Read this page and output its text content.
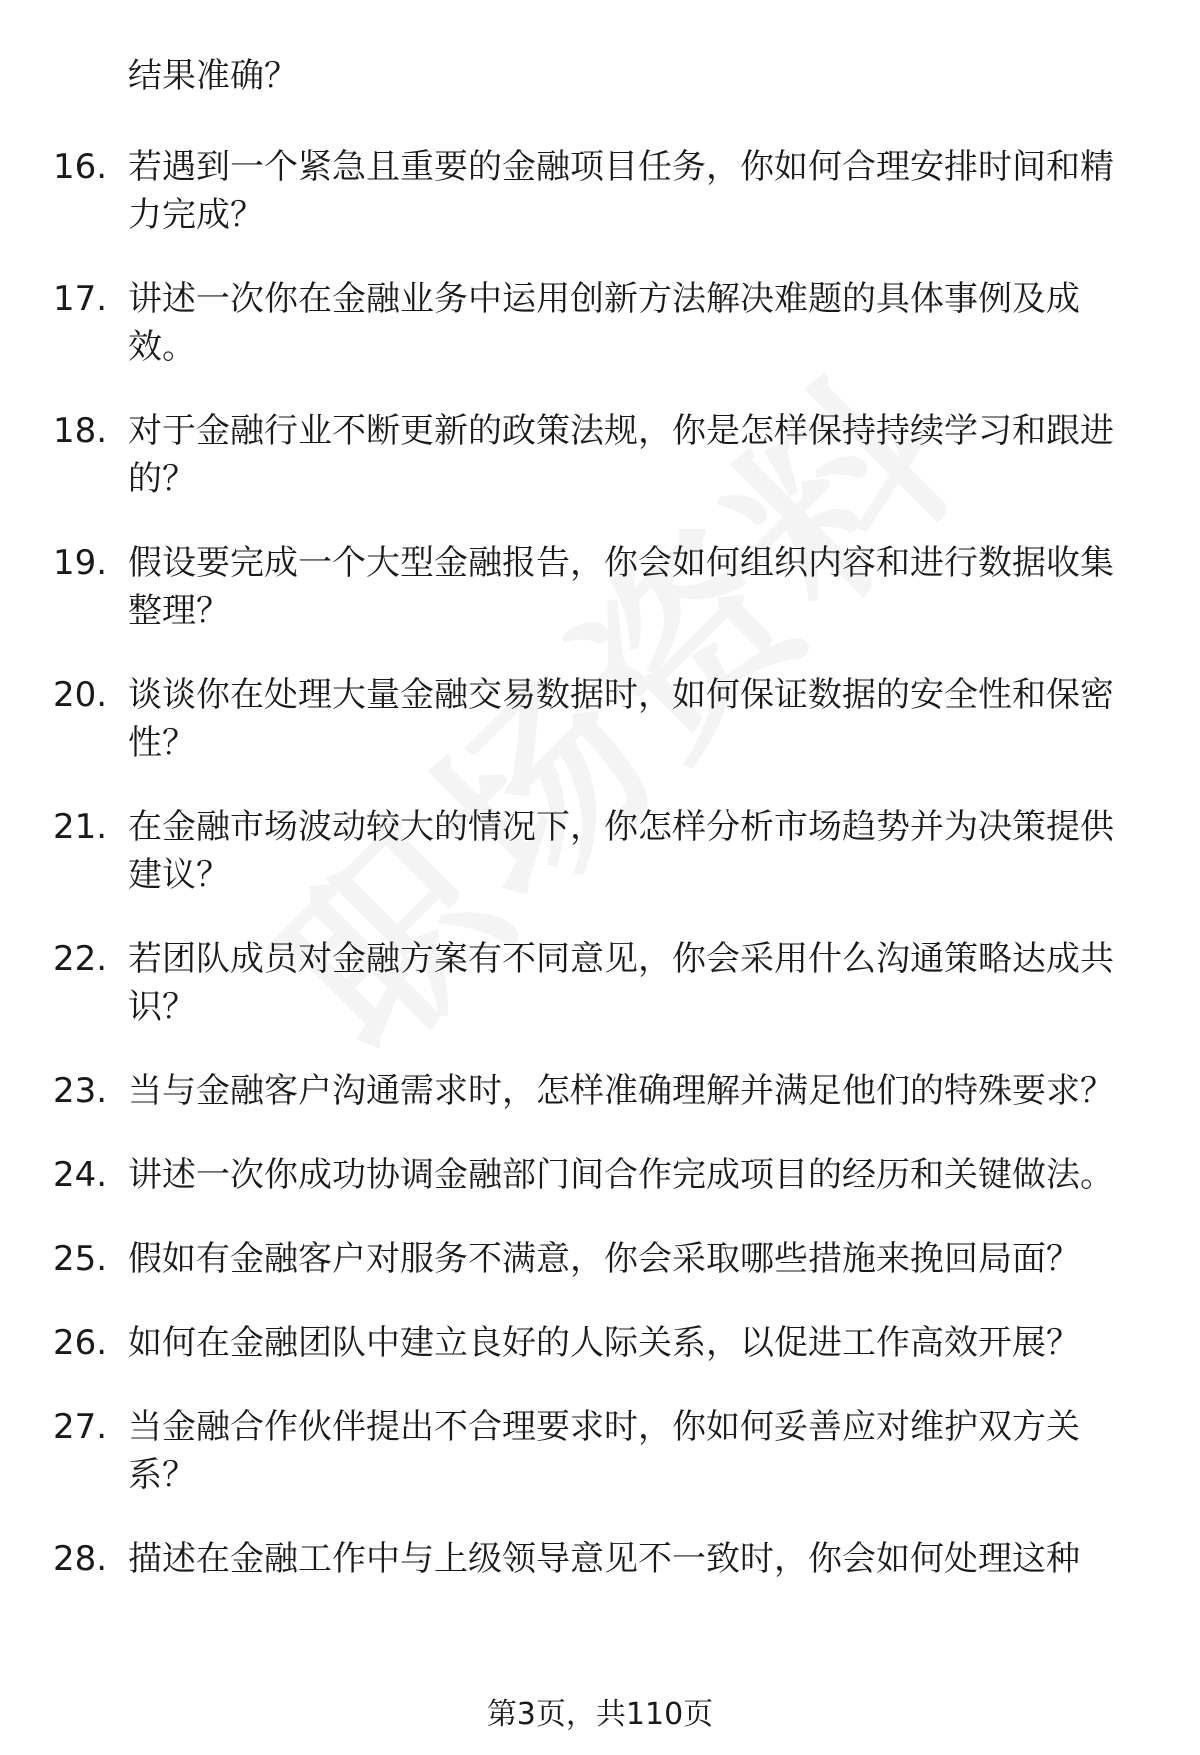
结果准确？

16. 若遇到一个紧急且重要的金融项目任务，你如何合理安排时间和精力完成？
17. 讲述一次你在金融业务中运用创新方法解决难题的具体事例及成效。
18. 对于金融行业不断更新的政策法规，你是怎样保持持续学习和跟进的？
19. 假设要完成一个大型金融报告，你会如何组织内容和进行数据收集整理？
20. 谈谈你在处理大量金融交易数据时，如何保证数据的安全性和保密性？
21. 在金融市场波动较大的情况下，你怎样分析市场趋势并为决策提供建议？
22. 若团队成员对金融方案有不同意见，你会采用什么沟通策略达成共识？
23. 当与金融客户沟通需求时，怎样准确理解并满足他们的特殊要求？
24. 讲述一次你成功协调金融部门间合作完成项目的经历和关键做法。
25. 假如有金融客户对服务不满意，你会采取哪些措施来挽回局面？
26. 如何在金融团队中建立良好的人际关系，以促进工作高效开展？
27. 当金融合作伙伴提出不合理要求时，你如何妥善应对维护双方关系？
28. 描述在金融工作中与上级领导意见不一致时，你会如何处理这种
第3页，共110页
